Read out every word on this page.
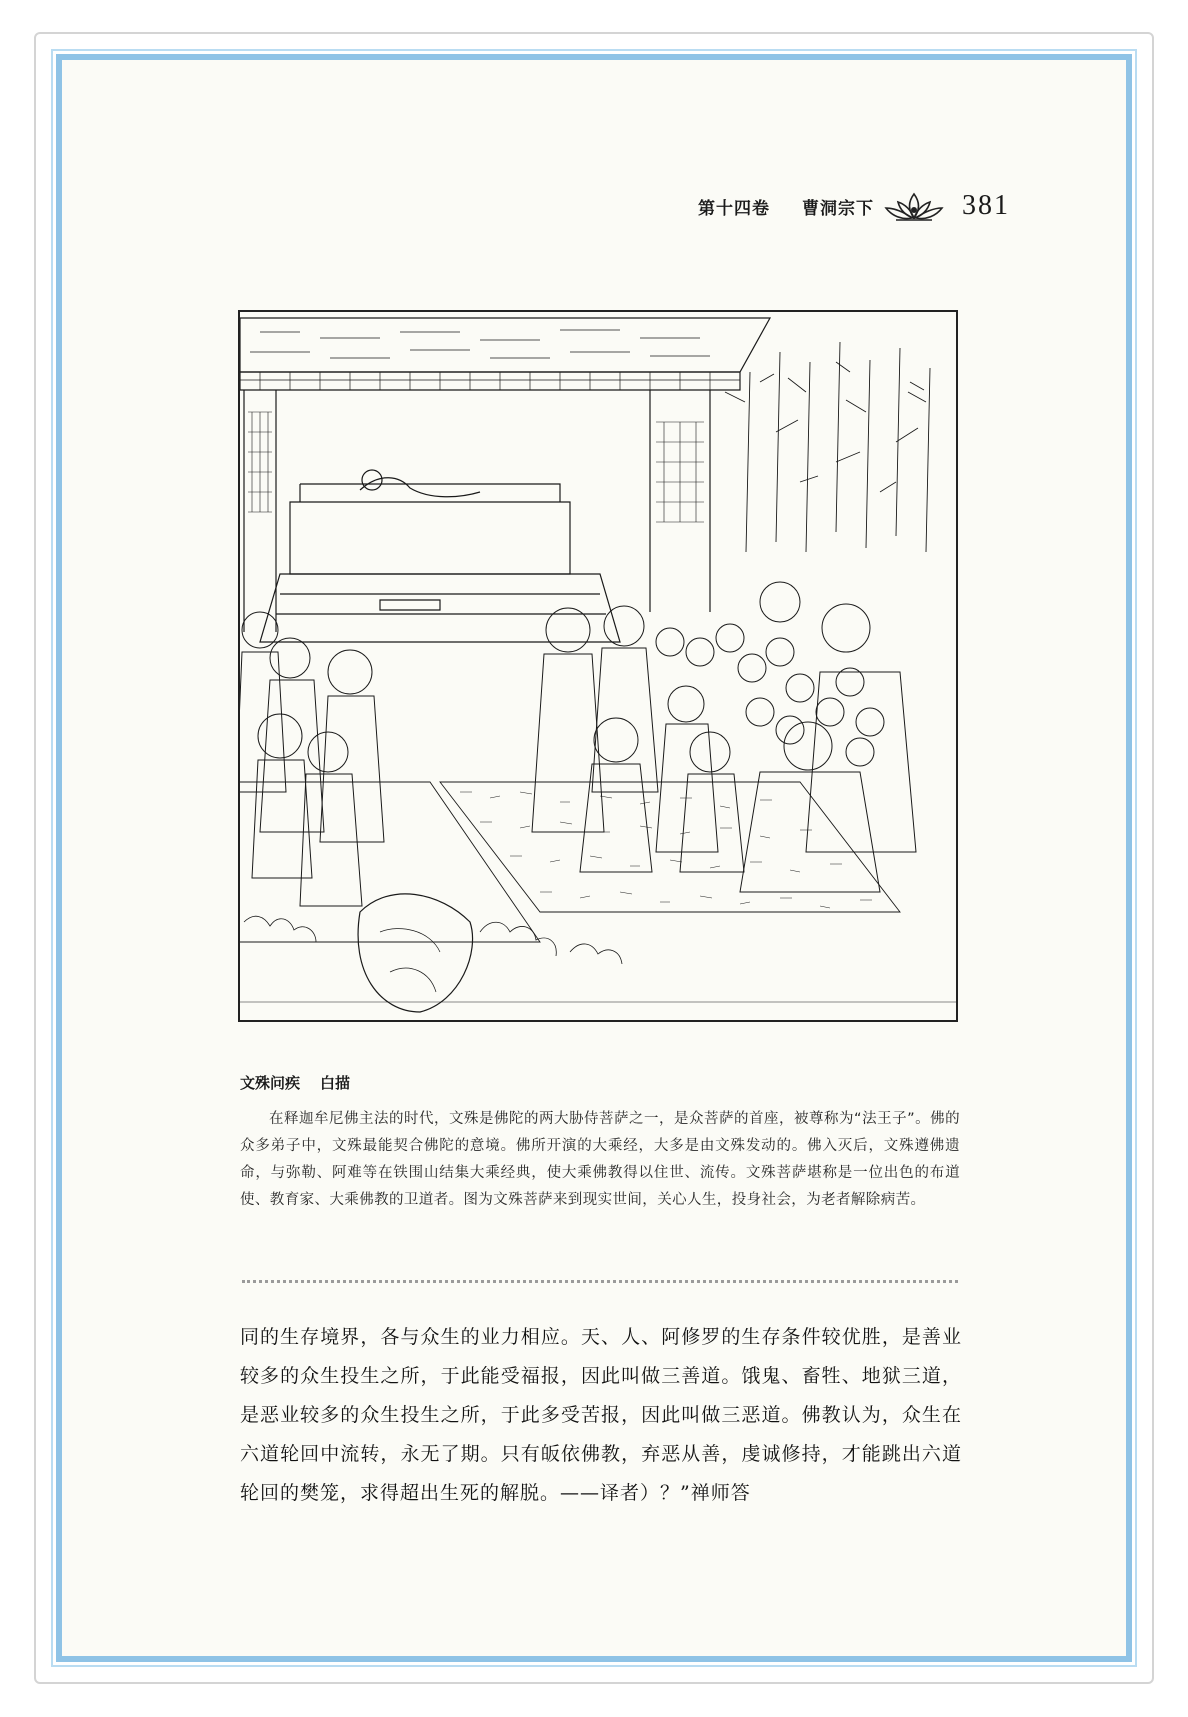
第十四卷 曹洞宗下	381
文殊问疾 白描

在释迦牟尼佛主法的时代，文殊是佛陀的两大胁侍菩萨之一，是众菩萨的首座，被尊称为“法王子”。佛的众多弟子中，文殊最能契合佛陀的意境。佛所开演的大乘经，大多是由文殊发动的。佛入灭后，文殊遵佛遗命，与弥勒、阿难等在铁围山结集大乘经典，使大乘佛教得以住世、流传。文殊菩萨堪称是一位出色的布道使、教育家、大乘佛教的卫道者。图为文殊菩萨来到现实世间，关心人生，投身社会，为老者解除病苦。

同的生存境界，各与众生的业力相应。天、人、阿修罗的生存条件较优胜，是善业较多的众生投生之所，于此能受福报，因此叫做三善道。饿鬼、畜牲、地狱三道，是恶业较多的众生投生之所，于此多受苦报，因此叫做三恶道。佛教认为，众生在六道轮回中流转，永无了期。只有皈依佛教，弃恶从善，虔诚修持，才能跳出六道轮回的樊笼，求得超出生死的解脱。——译者）？”禅师答
